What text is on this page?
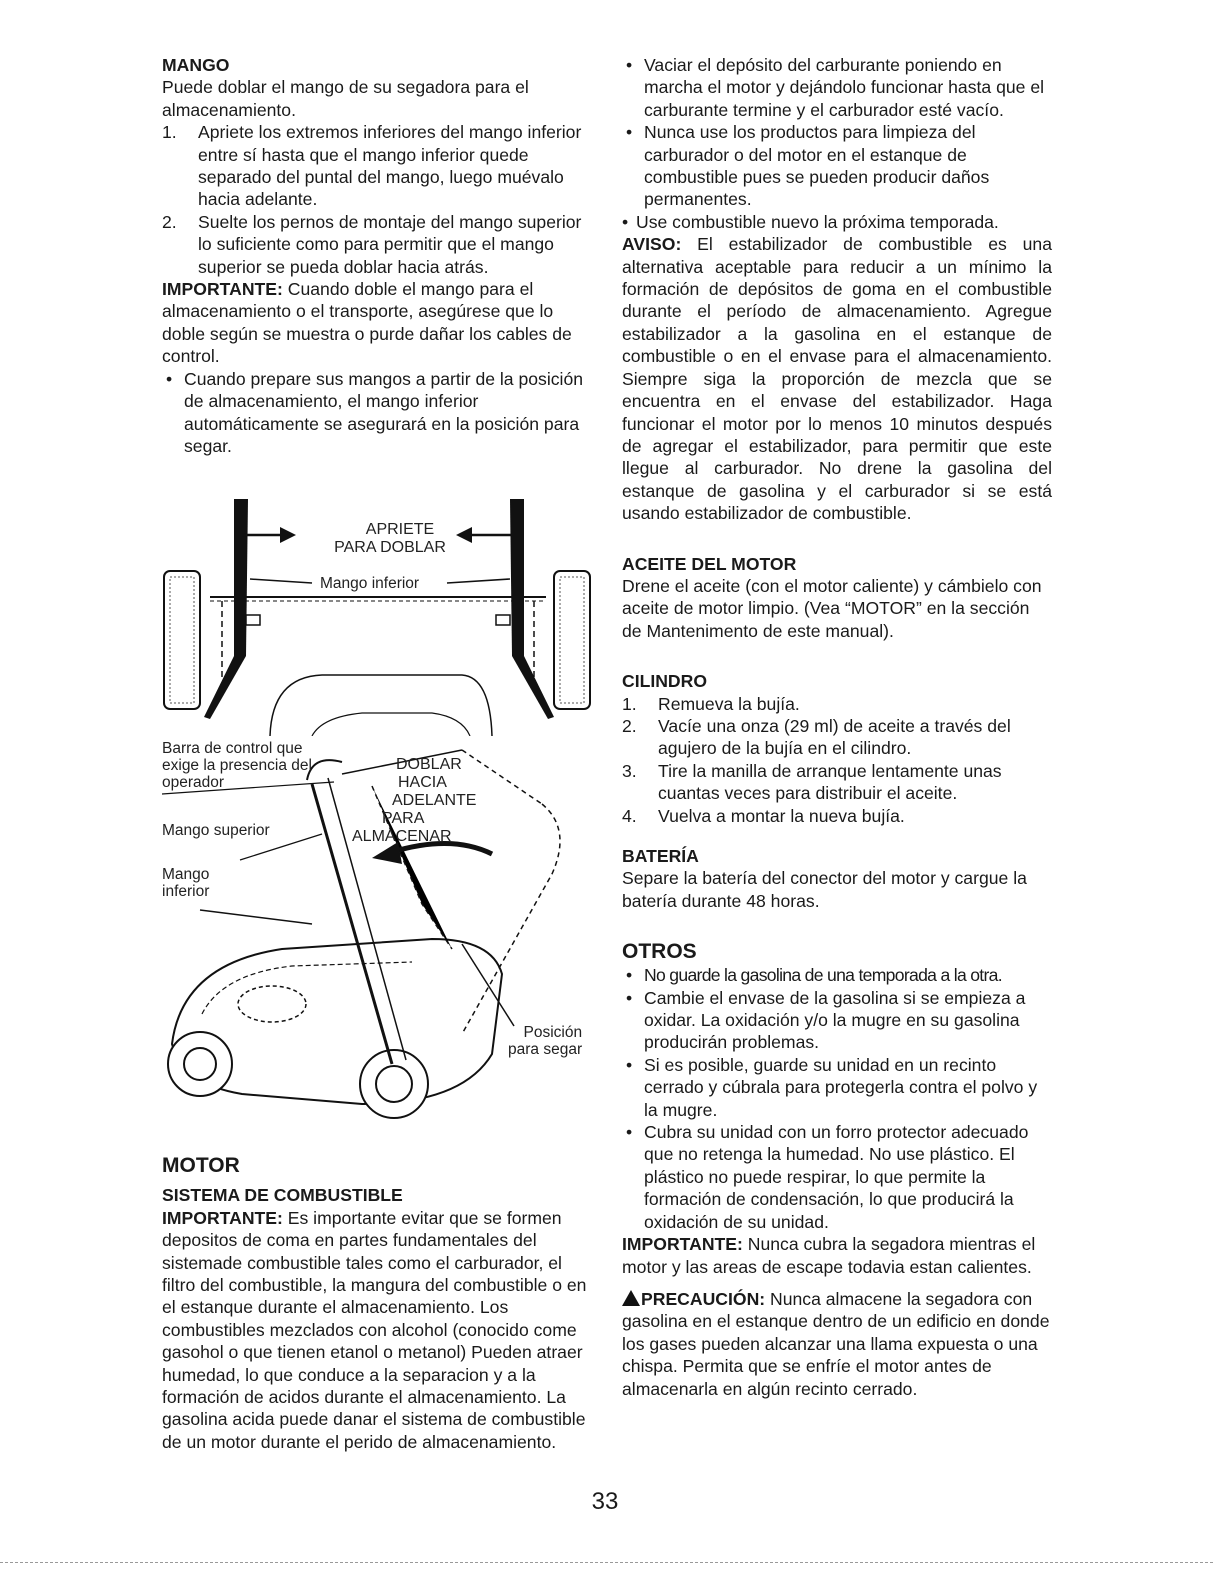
MANGO

Puede doblar el mango de su segadora para el almacenamiento.

1. Apriete los extremos inferiores del mango inferior entre sí hasta que el mango inferior quede separado del puntal del mango, luego muévalo hacia adelante.
2. Suelte los pernos de montaje del mango superior lo suficiente como para permitir que el mango superior se pueda doblar hacia atrás.

IMPORTANTE: Cuando doble el mango para el almacenamiento o el transporte, asegúrese que lo doble según se muestra o purde dañar los cables de control.

• Cuando prepare sus mangos a partir de la posición de almacenamiento, el mango inferior automáticamente se asegurará en la posición para segar.
APRIETE
PARA DOBLAR
Mango inferior
Barra de control que
exige la presencia del
operador
Mango superior
Mango
inferior
DOBLAR
HACIA
ADELANTE
PARA
ALMACENAR
Posición
para segar

MOTOR

SISTEMA DE COMBUSTIBLE

IMPORTANTE: Es importante evitar que se formen depositos de coma en partes fundamentales del sistemade combustible tales como el carburador, el filtro del combustible, la mangura del combustible o en el estanque durante el almacenamiento. Los combustibles mezclados con alcohol (conocido come gasohol o que tienen etanol o metanol) Pueden atraer humedad, lo que conduce a la separacion y a la formación de acidos durante el almacenamiento. La gasolina acida puede danar el sistema de combustible de un motor durante el perido de almacenamiento.

• Vaciar el depósito del carburante poniendo en marcha el motor y dejándolo funcionar hasta que el carburante termine y el carburador esté vacío.
• Nunca use los productos para limpieza del carburador o del motor en el estanque de combustible pues se pueden producir daños permanentes.
• Use combustible nuevo la próxima temporada.

AVISO: El estabilizador de combustible es una alternativa aceptable para reducir a un mínimo la formación de depósitos de goma en el combustible durante el período de almacenamiento. Agregue estabilizador a la gasolina en el estanque de combustible o en el envase para el almacenamiento. Siempre siga la proporción de mezcla que se encuentra en el envase del estabilizador. Haga funcionar el motor por lo menos 10 minutos después de agregar el estabilizador, para permitir que este llegue al carburador. No drene la gasolina del estanque de gasolina y el carburador si se está usando estabilizador de combustible.

ACEITE DEL MOTOR

Drene el aceite (con el motor caliente) y cámbielo con aceite de motor limpio. (Vea “MOTOR” en la sección de Mantenimento de este manual).

CILINDRO

1. Remueva la bujía.
2. Vacíe una onza (29 ml) de aceite a través del agujero de la bujía en el cilindro.
3. Tire la manilla de arranque lentamente unas cuantas veces para distribuir el aceite.
4. Vuelva a montar la nueva bujía.

BATERÍA

Separe la batería del conector del motor y cargue la batería durante 48 horas.

OTROS

• No guarde la gasolina de una temporada a la otra.
• Cambie el envase de la gasolina si se empieza a oxidar. La oxidación y/o la mugre en su gasolina producirán problemas.
• Si es posible, guarde su unidad en un recinto cerrado y cúbrala para protegerla contra el polvo y la mugre.
• Cubra su unidad con un forro protector adecuado que no retenga la humedad. No use plástico. El plástico no puede respirar, lo que permite la formación de condensación, lo que producirá la oxidación de su unidad.

IMPORTANTE: Nunca cubra la segadora mientras el motor y las areas de escape todavia estan calientes.

PRECAUCIÓN: Nunca almacene la segadora con gasolina en el estanque dentro de un edificio en donde los gases pueden alcanzar una llama expuesta o una chispa. Permita que se enfríe el motor antes de almacenarla en algún recinto cerrado.

33
